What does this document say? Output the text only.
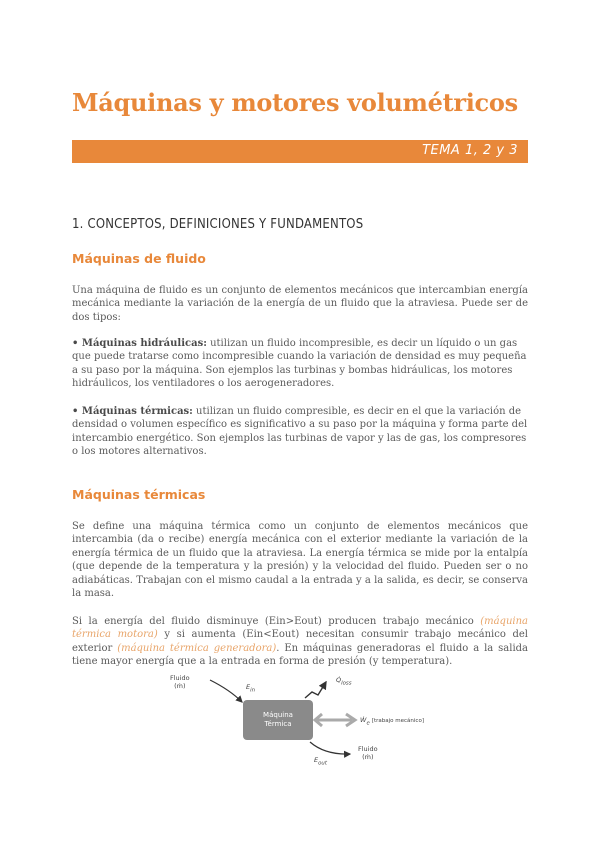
Máquinas y motores volumétricos
TEMA 1, 2 y 3
1. CONCEPTOS, DEFINICIONES Y FUNDAMENTOS
Máquinas de fluido

Una máquina de fluido es un conjunto de elementos mecánicos que intercambian energía mecánica mediante la variación de la energía de un fluido que la atraviesa. Puede ser de dos tipos:

• Máquinas hidráulicas: utilizan un fluido incompresible, es decir un líquido o un gas que puede tratarse como incompresible cuando la variación de densidad es muy pequeña a su paso por la máquina. Son ejemplos las turbinas y bombas hidráulicas, los motores hidráulicos, los ventiladores o los aerogeneradores.

• Máquinas térmicas: utilizan un fluido compresible, es decir en el que la variación de densidad o volumen específico es significativo a su paso por la máquina y forma parte del intercambio energético. Son ejemplos las turbinas de vapor y las de gas, los compresores o los motores alternativos.

Máquinas térmicas

Se define una máquina térmica como un conjunto de elementos mecánicos que intercambia (da o recibe) energía mecánica con el exterior mediante la variación de la energía térmica de un fluido que la atraviesa. La energía térmica se mide por la entalpía (que depende de la temperatura y la presión) y la velocidad del fluido. Pueden ser o no adiabáticas. Trabajan con el mismo caudal a la entrada y a la salida, es decir, se conserva la masa.

Si la energía del fluido disminuye (Ein>Eout) producen trabajo mecánico (máquina térmica motora) y si aumenta (Ein<Eout) necesitan consumir trabajo mecánico del exterior (máquina térmica generadora). En máquinas generadoras el fluido a la salida tiene mayor energía que a la entrada en forma de presión (y temperatura).

Máquina
Térmica
Fluido
(ṁ)	$E_{in}$
$Q̇_{loss}$
Ẇ$_e$ [trabajo mecánico]
Fluido
(ṁ)
$E_{out}$
